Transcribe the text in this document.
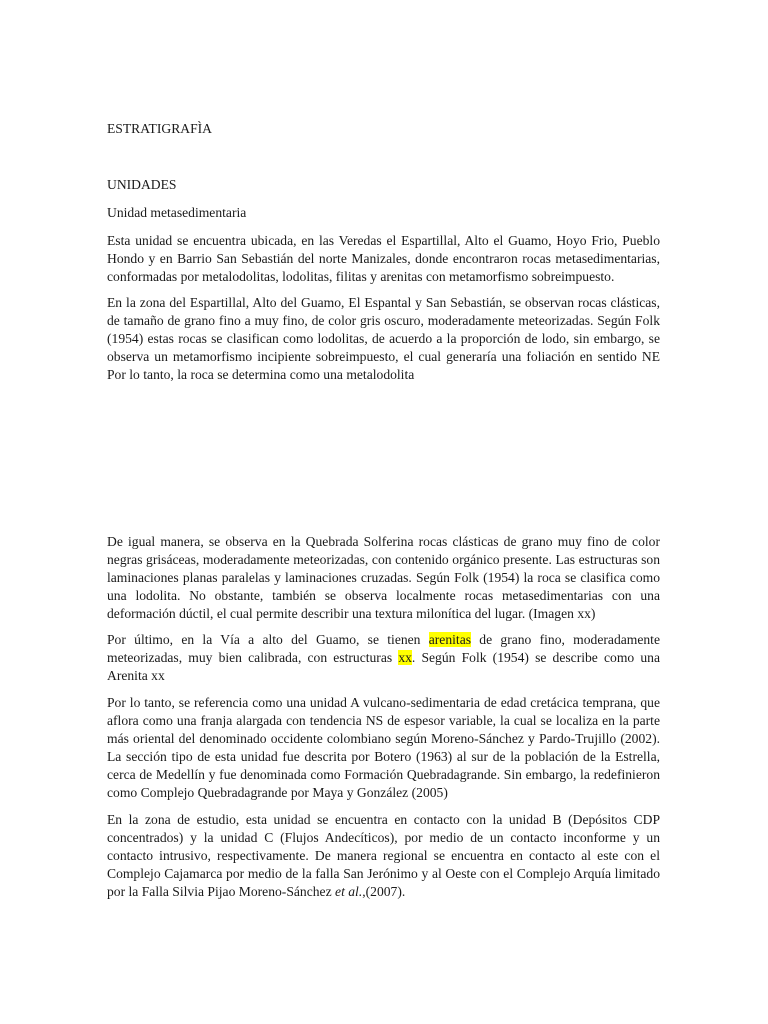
ESTRATIGRAFÌA
UNIDADES
Unidad metasedimentaria

Esta unidad se encuentra ubicada, en las Veredas el Espartillal, Alto el Guamo, Hoyo Frio, Pueblo Hondo y en Barrio San Sebastián del norte Manizales, donde encontraron rocas metasedimentarias, conformadas por metalodolitas, lodolitas, filitas y arenitas con metamorfismo sobreimpuesto.

En la zona del Espartillal, Alto del Guamo, El Espantal y San Sebastián, se observan rocas clásticas, de tamaño de grano fino a muy fino, de color gris oscuro, moderadamente meteorizadas. Según Folk (1954) estas rocas se clasifican como lodolitas, de acuerdo a la proporción de lodo, sin embargo, se observa un metamorfismo incipiente sobreimpuesto, el cual generaría una foliación en sentido NE Por lo tanto, la roca se determina como una metalodolita

De igual manera, se observa en la Quebrada Solferina rocas clásticas de grano muy fino de color negras grisáceas, moderadamente meteorizadas, con contenido orgánico presente. Las estructuras son laminaciones planas paralelas y laminaciones cruzadas. Según Folk (1954) la roca se clasifica como una lodolita. No obstante, también se observa localmente rocas metasedimentarias con una deformación dúctil, el cual permite describir una textura milonítica del lugar. (Imagen xx)

Por último, en la Vía a alto del Guamo, se tienen arenitas de grano fino, moderadamente meteorizadas, muy bien calibrada, con estructuras xx. Según Folk (1954) se describe como una Arenita xx

Por lo tanto, se referencia como una unidad A vulcano-sedimentaria de edad cretácica temprana, que aflora como una franja alargada con tendencia NS de espesor variable, la cual se localiza en la parte más oriental del denominado occidente colombiano según Moreno-Sánchez y Pardo-Trujillo (2002). La sección tipo de esta unidad fue descrita por Botero (1963) al sur de la población de la Estrella, cerca de Medellín y fue denominada como Formación Quebradagrande. Sin embargo, la redefinieron como Complejo Quebradagrande por Maya y González (2005)

En la zona de estudio, esta unidad se encuentra en contacto con la unidad B (Depósitos CDP concentrados) y la unidad C (Flujos Andecíticos), por medio de un contacto inconforme y un contacto intrusivo, respectivamente. De manera regional se encuentra en contacto al este con el Complejo Cajamarca por medio de la falla San Jerónimo y al Oeste con el Complejo Arquía limitado por la Falla Silvia Pijao Moreno-Sánchez et al.,(2007).
